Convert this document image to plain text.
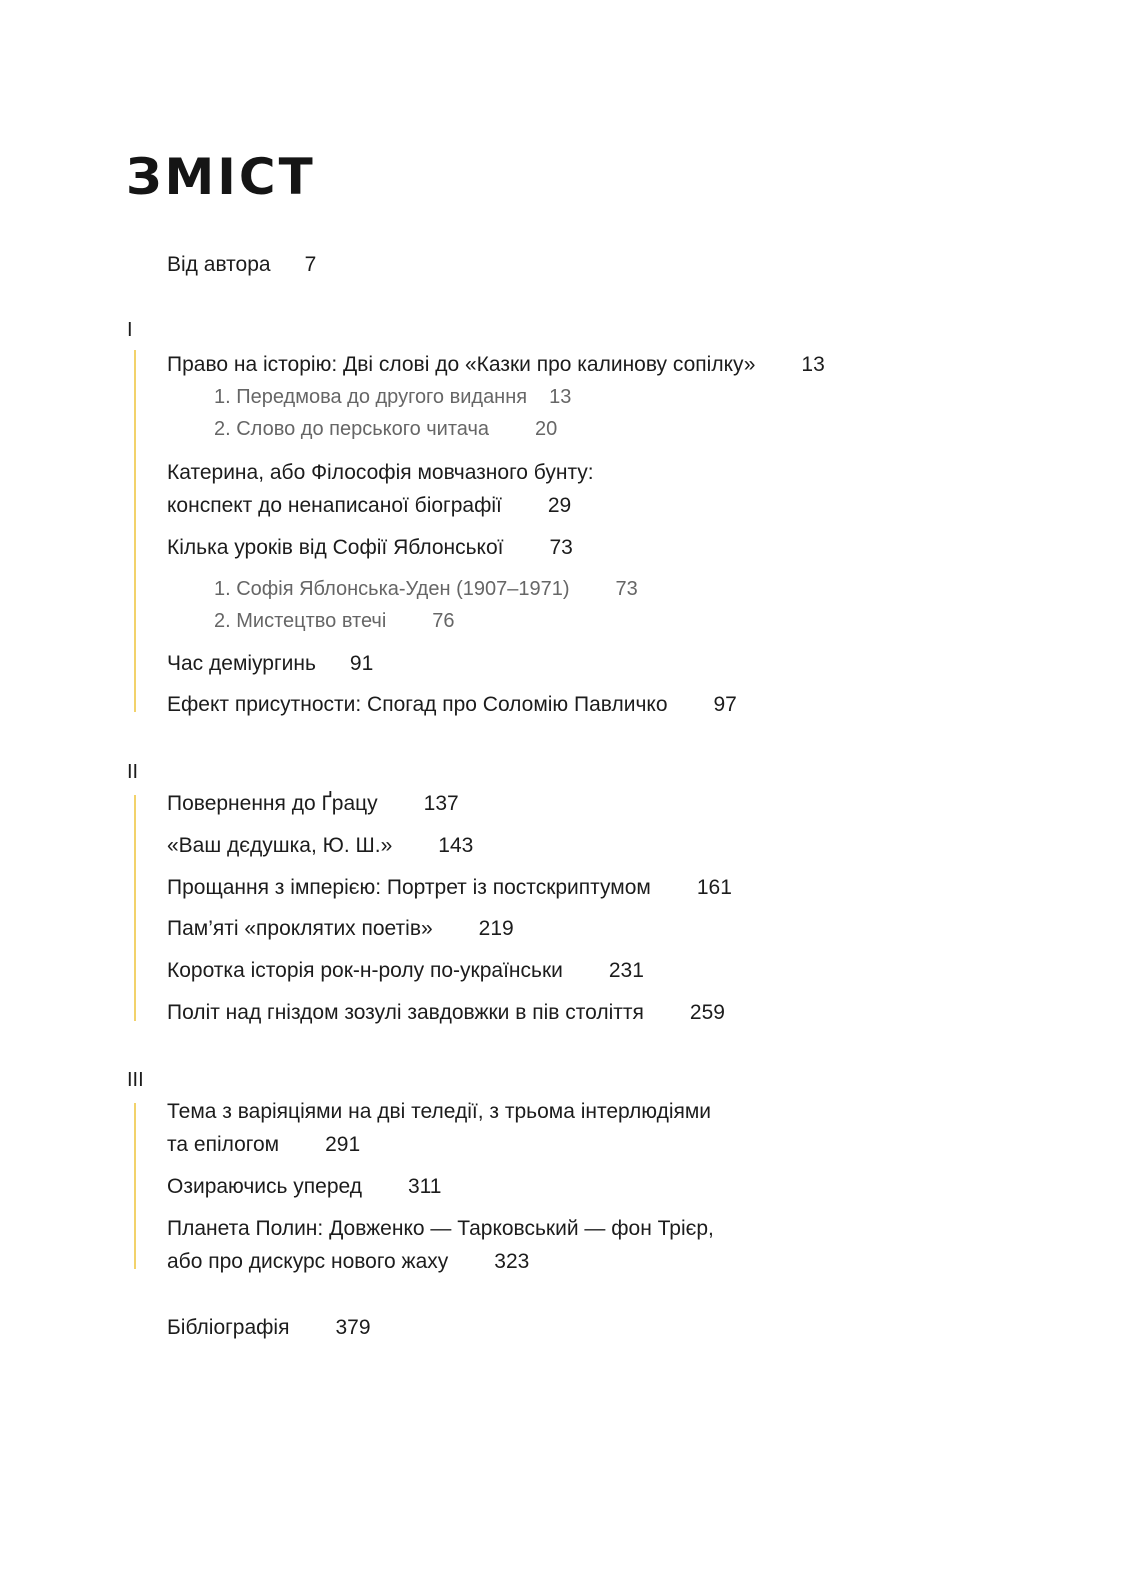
ЗМІСТ
Від автора 7
I
Право на історію: Дві слові до «Казки про калинову сопілку» 13
1. Передмова до другого видання 13
2. Слово до перського читача 20
Катерина, або Філософія мовчазного бунту:
конспект до ненаписаної біографії 29
Кілька уроків від Софії Яблонської 73
1. Софія Яблонська-Уден (1907–1971) 73
2. Мистецтво втечі 76
Час деміургинь 91
Ефект присутности: Спогад про Соломію Павличко 97
II
Повернення до Ґрацу 137
«Ваш дєдушка, Ю. Ш.» 143
Прощання з імперією: Портрет із постскриптумом 161
Пам’яті «проклятих поетів» 219
Коротка історія рок-н-ролу по-українськи 231
Політ над гніздом зозулі завдовжки в пів століття 259
III
Тема з варіяціями на дві теледії, з трьома інтерлюдіями
та епілогом 291
Озираючись уперед 311
Планета Полин: Довженко — Тарковський — фон Трієр,
або про дискурс нового жаху 323
Бібліографія 379
